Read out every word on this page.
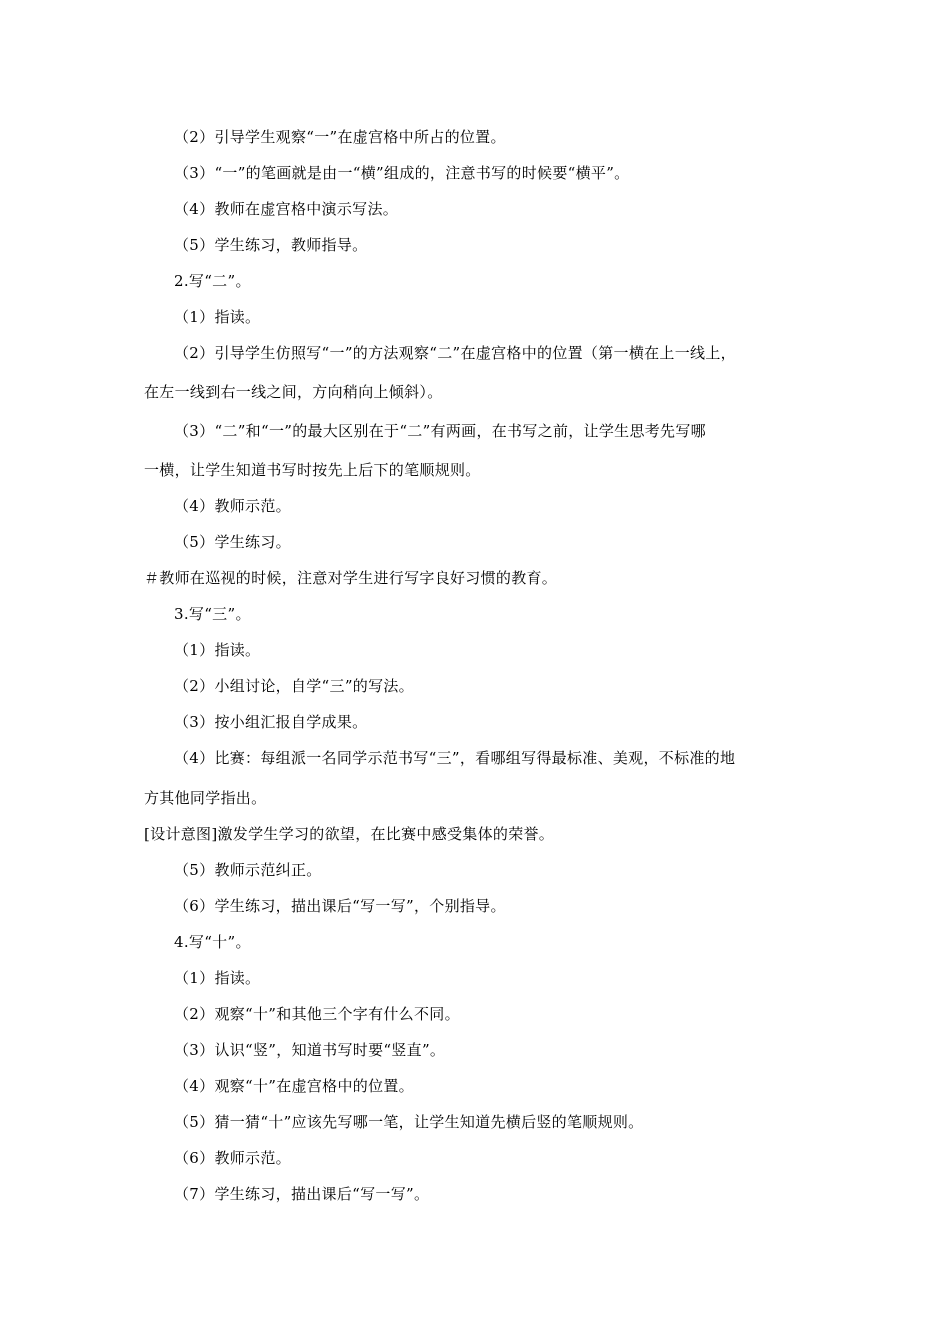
（2）引导学生观察“一”在虚宫格中所占的位置。
（3）“一”的笔画就是由一“横”组成的，注意书写的时候要“横平”。
（4）教师在虚宫格中演示写法。
（5）学生练习，教师指导。
2.写“二”。
（1）指读。
（2）引导学生仿照写“一”的方法观察“二”在虚宫格中的位置（第一横在上一线上，
在左一线到右一线之间，方向稍向上倾斜）。
（3）“二”和“一”的最大区别在于“二”有两画，在书写之前，让学生思考先写哪
一横，让学生知道书写时按先上后下的笔顺规则。
（4）教师示范。
（5）学生练习。
＃教师在巡视的时候，注意对学生进行写字良好习惯的教育。
3.写“三”。
（1）指读。
（2）小组讨论，自学“三”的写法。
（3）按小组汇报自学成果。
（4）比赛：每组派一名同学示范书写“三”，看哪组写得最标准、美观，不标准的地
方其他同学指出。
[设计意图]激发学生学习的欲望，在比赛中感受集体的荣誉。
（5）教师示范纠正。
（6）学生练习，描出课后“写一写”，个别指导。
4.写“十”。
（1）指读。
（2）观察“十”和其他三个字有什么不同。
（3）认识“竖”，知道书写时要“竖直”。
（4）观察“十”在虚宫格中的位置。
（5）猜一猜“十”应该先写哪一笔，让学生知道先横后竖的笔顺规则。
（6）教师示范。
（7）学生练习，描出课后“写一写”。
